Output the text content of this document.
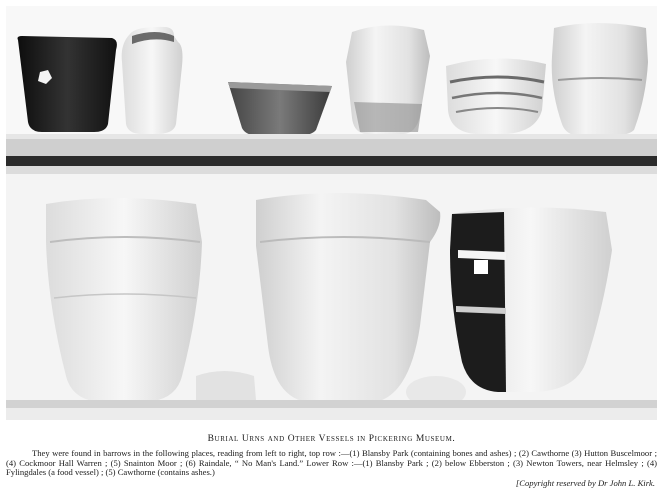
Burial Urns and Other Vessels in Pickering Museum.

They were found in barrows in the following places, reading from left to right, top row :—(1) Blansby Park (containing bones and ashes) ; (2) Cawthorne (3) Hutton Buscelmoor ; (4) Cockmoor Hall Warren ; (5) Snainton Moor ; (6) Raindale, “ No Man's Land.” Lower Row :—(1) Blansby Park ; (2) below Ebberston ; (3) Newton Towers, near Helmsley ; (4) Fylingdales (a food vessel) ; (5) Cawthorne (contains ashes.)

[Copyright reserved by Dr John L. Kirk.
